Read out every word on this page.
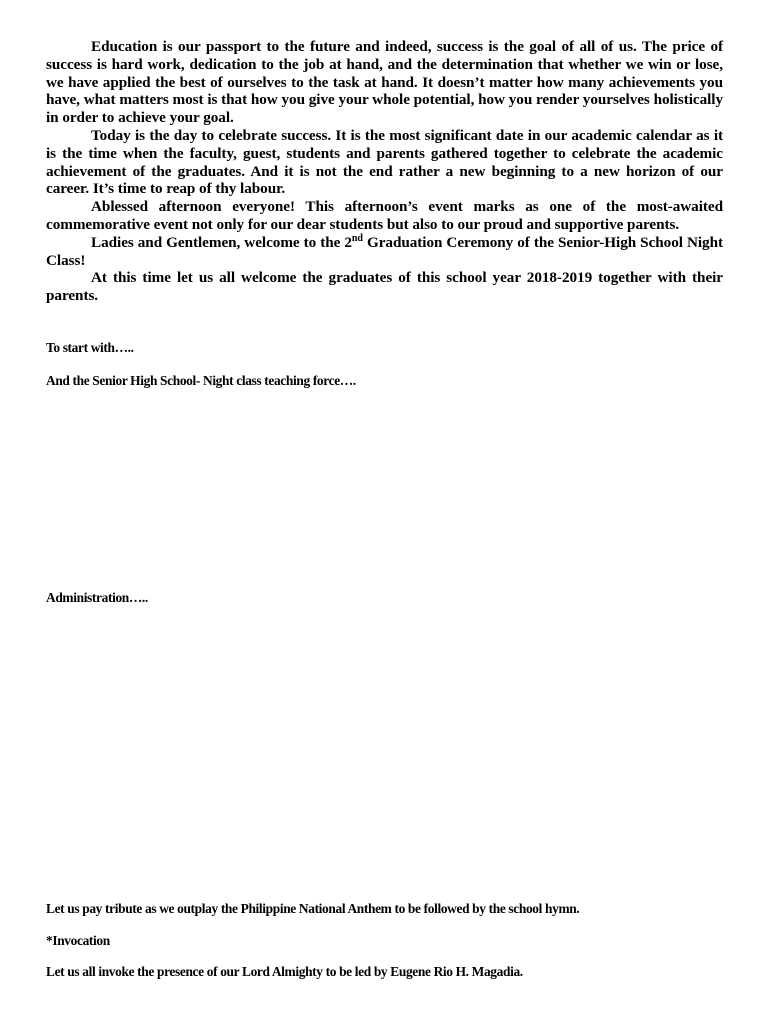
Education is our passport to the future and indeed, success is the goal of all of us. The price of success is hard work, dedication to the job at hand, and the determination that whether we win or lose, we have applied the best of ourselves to the task at hand. It doesn’t matter how many achievements you have, what matters most is that how you give your whole potential, how you render yourselves holistically in order to achieve your goal.

Today is the day to celebrate success. It is the most significant date in our academic calendar as it is the time when the faculty, guest, students and parents gathered together to celebrate the academic achievement of the graduates. And it is not the end rather a new beginning to a new horizon of our career. It’s time to reap of thy labour.

Ablessed afternoon everyone! This afternoon’s event marks as one of the most-awaited commemorative event not only for our dear students but also to our proud and supportive parents.

Ladies and Gentlemen, welcome to the 2nd Graduation Ceremony of the Senior-High School Night Class!

At this time let us all welcome the graduates of this school year 2018-2019 together with their parents.

To start with…..
And the Senior High School- Night class teaching force….
Administration…..
Let us pay tribute as we outplay the Philippine National Anthem to be followed by the school hymn.
*Invocation
Let us all invoke the presence of our Lord Almighty to be led by Eugene Rio H. Magadia.
